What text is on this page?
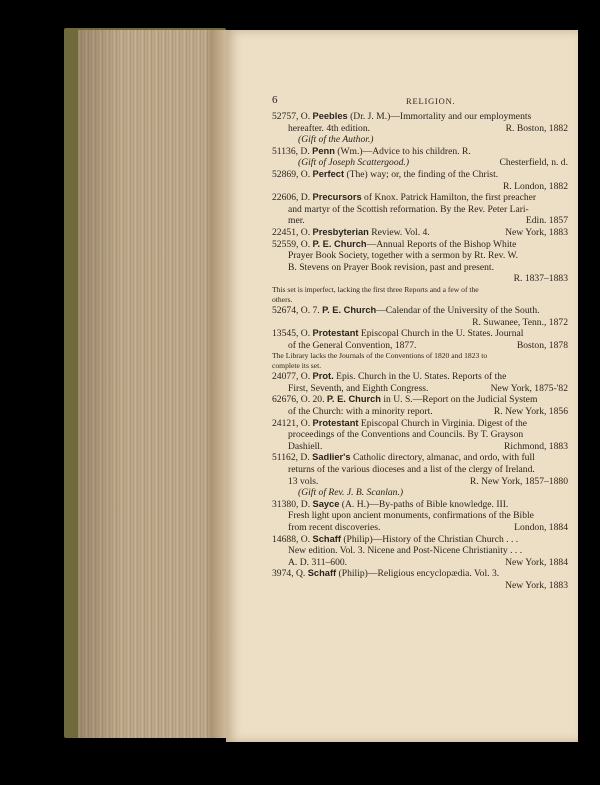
6	RELIGION.
52757, O. Peebles (Dr. J. M.)—Immortality and our employments
hereafter. 4th edition.	R. Boston, 1882
(Gift of the Author.)
51136, D. Penn (Wm.)—Advice to his children. R.
(Gift of Joseph Scattergood.)	Chesterfield, n. d.
52869, O. Perfect (The) way; or, the finding of the Christ.
R. London, 1882
22606, D. Precursors of Knox. Patrick Hamilton, the first preacher
and martyr of the Scottish reformation. By the Rev. Peter Lari-
mer.	Edin. 1857
22451, O. Presbyterian Review. Vol. 4.	New York, 1883
52559, O. P. E. Church—Annual Reports of the Bishop White
Prayer Book Society, together with a sermon by Rt. Rev. W.
B. Stevens on Prayer Book revision, past and present.
R. 1837–1883
This set is imperfect, lacking the first three Reports and a few of the
others.
52674, O. 7. P. E. Church—Calendar of the University of the South.
R. Suwanee, Tenn., 1872
13545, O. Protestant Episcopal Church in the U. States. Journal
of the General Convention, 1877.	Boston, 1878
The Library lacks the Journals of the Conventions of 1820 and 1823 to
complete its set.
24077, O. Prot. Epis. Church in the U. States. Reports of the
First, Seventh, and Eighth Congress.	New York, 1875-'82
62676, O. 20. P. E. Church in U. S.—Report on the Judicial System
of the Church: with a minority report.	R. New York, 1856
24121, O. Protestant Episcopal Church in Virginia. Digest of the
proceedings of the Conventions and Councils. By T. Grayson
Dashiell.	Richmond, 1883
51162, D. Sadlier's Catholic directory, almanac, and ordo, with full
returns of the various dioceses and a list of the clergy of Ireland.
13 vols.	R. New York, 1857–1880
(Gift of Rev. J. B. Scanlan.)
31380, D. Sayce (A. H.)—By-paths of Bible knowledge. III.
Fresh light upon ancient monuments, confirmations of the Bible
from recent discoveries.	London, 1884
14688, O. Schaff (Philip)—History of the Christian Church . . .
New edition. Vol. 3. Nicene and Post-Nicene Christianity . . .
A. D. 311–600.	New York, 1884
3974, Q. Schaff (Philip)—Religious encyclopædia. Vol. 3.
New York, 1883
